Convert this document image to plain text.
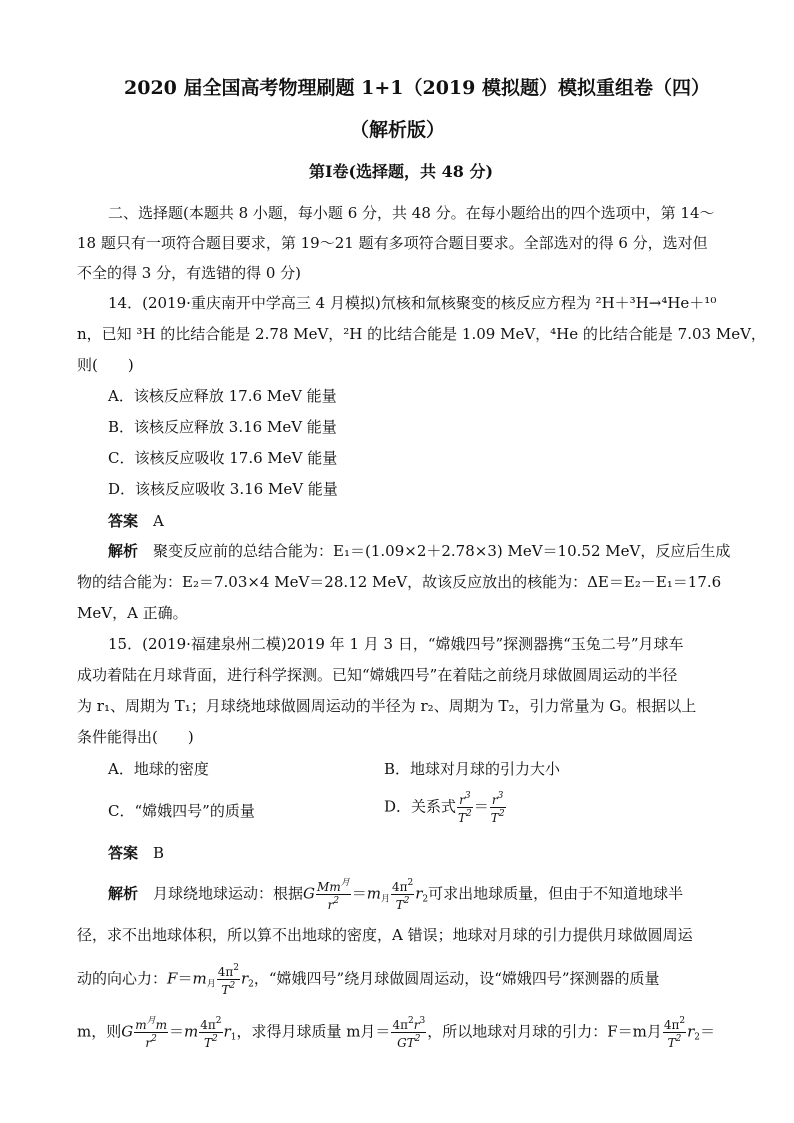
2020 届全国高考物理刷题 1+1（2019 模拟题）模拟重组卷（四）
（解析版）
第Ⅰ卷(选择题，共 48 分)
二、选择题(本题共 8 小题，每小题 6 分，共 48 分。在每小题给出的四个选项中，第 14～
18 题只有一项符合题目要求，第 19～21 题有多项符合题目要求。全部选对的得 6 分，选对但
不全的得 3 分，有选错的得 0 分)
14．(2019·重庆南开中学高三 4 月模拟)氘核和氚核聚变的核反应方程为 ²H＋³H→⁴He＋¹⁰
n，已知 ³H 的比结合能是 2.78 MeV，²H 的比结合能是 1.09 MeV，⁴He 的比结合能是 7.03 MeV，
则(　　)
A．该核反应释放 17.6 MeV 能量
B．该核反应释放 3.16 MeV 能量
C．该核反应吸收 17.6 MeV 能量
D．该核反应吸收 3.16 MeV 能量
答案　 A
解析　 聚变反应前的总结合能为：E₁＝(1.09×2＋2.78×3) MeV＝10.52 MeV，反应后生成
物的结合能为：E₂＝7.03×4 MeV＝28.12 MeV，故该反应放出的核能为：ΔE＝E₂－E₁＝17.6
MeV，A 正确。
15．(2019·福建泉州二模)2019 年 1 月 3 日，“嫦娥四号”探测器携“玉兔二号”月球车
成功着陆在月球背面，进行科学探测。已知“嫦娥四号”在着陆之前绕月球做圆周运动的半径
为 r₁、周期为 T₁；月球绕地球做圆周运动的半径为 r₂、周期为 T₂，引力常量为 G。根据以上
条件能得出(　　)
A．地球的密度	B．地球对月球的引力大小
C．“嫦娥四号”的质量	D．关系式 $\frac{r^3}{T^2} = \frac{r^3}{T^2}$
答案　 B
解析　 月球绕地球运动：根据G $\frac{Mm^月}{r^2} =m_月 \frac{4\pi^2}{T^2} r_2$可求出地球质量，但由于不知道地球半
径，求不出地球体积，所以算不出地球的密度，A 错误；地球对月球的引力提供月球做圆周运
动的向心力：$F=m_月 \frac{4\pi^2}{T^2} r_2$，“嫦娥四号”绕月球做圆周运动，设“嫦娥四号”探测器的质量
m，则G $\frac{m^月m}{r^2} =m \frac{4\pi^2}{T^2} r_1$，求得月球质量 m月＝ $\frac{4\pi^2r^3}{GT^2}$ ，所以地球对月球的引力：F＝m月 $\frac{4\pi^2}{T^2} r_2=$
